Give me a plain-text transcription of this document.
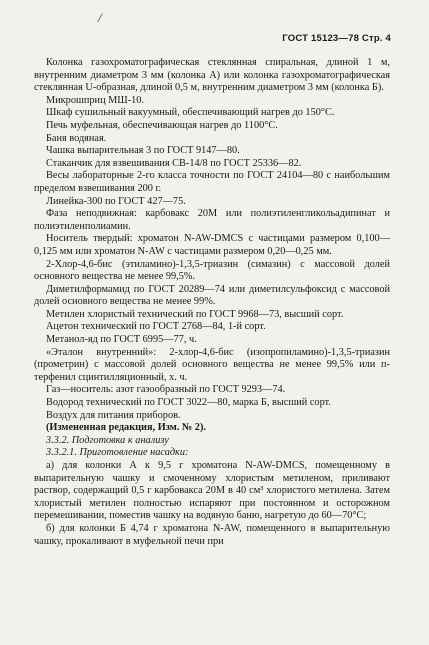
/
ГОСТ 15123—78 Стр. 4

Колонка газохроматографическая стеклянная спиральная, длиной 1 м, внутренним диаметром 3 мм (колонка А) или колонка газохроматографическая стеклянная U-образная, длиной 0,5 м, внутренним диаметром 3 мм (колонка Б).

Микрошприц МШ-10.

Шкаф сушильный вакуумный, обеспечивающий нагрев до 150°С.

Печь муфельная, обеспечивающая нагрев до 1100°С.

Баня водяная.

Чашка выпарительная 3 по ГОСТ 9147—80.

Стаканчик для взвешивания СВ-14/8 по ГОСТ 25336—82.

Весы лабораторные 2-го класса точности по ГОСТ 24104—80 с наибольшим пределом взвешивания 200 г.

Линейка-300 по ГОСТ 427—75.

Фаза неподвижная: карбовакс 20М или полиэтиленгликольадипинат и полиэтиленполиамин.

Носитель твердый: хроматон N-AW-DMCS с частицами размером 0,100—0,125 мм или хроматон N-AW с частицами размером 0,20—0,25 мм.

2-Хлор-4,6-бис (этиламино)-1,3,5-триазин (симазин) с массовой долей основного вещества не менее 99,5%.

Диметилформамид по ГОСТ 20289—74 или диметилсульфоксид с массовой долей основного вещества не менее 99%.

Метилен хлористый технический по ГОСТ 9968—73, высший сорт.

Ацетон технический по ГОСТ 2768—84, 1-й сорт.

Метанол-яд по ГОСТ 6995—77, ч.

«Эталон внутренний»: 2-хлор-4,6-бис (изопропиламино)-1,3,5-триазин (прометрин) с массовой долей основного вещества не менее 99,5% или п-терфенил сцинтилляционный, х. ч.

Газ—носитель: азот газообразный по ГОСТ 9293—74.

Водород технический по ГОСТ 3022—80, марка Б, высший сорт.

Воздух для питания приборов.

(Измененная редакция, Изм. № 2).

3.3.2. Подготовка к анализу

3.3.2.1. Приготовление насадки:

а) для колонки А к 9,5 г хроматона N-AW-DMCS, помещенному в выпарительную чашку и смоченному хлористым метиленом, приливают раствор, содержащий 0,5 г карбовакса 20М в 40 см³ хлористого метилена. Затем хлористый метилен полностью испаряют при постоянном и осторожном перемешивании, поместив чашку на водяную баню, нагретую до 60—70°С;

б) для колонки Б 4,74 г хроматона N-AW, помещенного в выпарительную чашку, прокаливают в муфельной печи при
